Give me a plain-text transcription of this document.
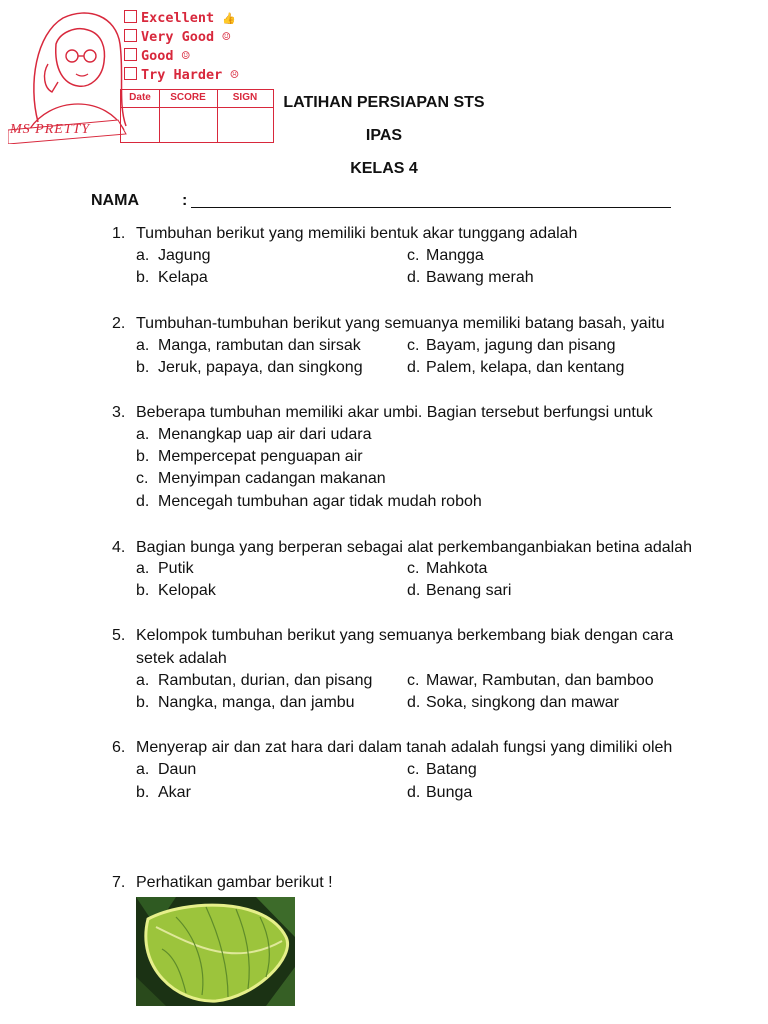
MS PRETTY
Excellent 👍
Very Good ☺
Good ☺
Try Harder ☹
Date	SCORE	SIGN	LATIHAN PERSIAPAN STS
IPAS
KELAS 4
NAMA	:
1. Tumbuhan berikut yang memiliki bentuk akar tunggang adalah
a. Jagung	c. Mangga
b. Kelapa	d. Bawang merah
2. Tumbuhan-tumbuhan berikut yang semuanya memiliki batang basah, yaitu
a. Manga, rambutan dan sirsak	c. Bayam, jagung dan pisang
b. Jeruk, papaya, dan singkong	d. Palem, kelapa, dan kentang
3. Beberapa tumbuhan memiliki akar umbi. Bagian tersebut berfungsi untuk
a. Menangkap uap air dari udara
b. Mempercepat penguapan air
c. Menyimpan cadangan makanan
d. Mencegah tumbuhan agar tidak mudah roboh
4. Bagian bunga yang berperan sebagai alat perkembanganbiakan betina adalah
a. Putik	c. Mahkota
b. Kelopak	d. Benang sari
5. Kelompok tumbuhan berikut yang semuanya berkembang biak dengan cara
setek adalah
a. Rambutan, durian, dan pisang c. Mawar, Rambutan, dan bamboo
b. Nangka, manga, dan jambu	d. Soka, singkong dan mawar
6. Menyerap air dan zat hara dari dalam tanah adalah fungsi yang dimiliki oleh
a. Daun	c. Batang
b. Akar	d. Bunga
7. Perhatikan gambar berikut !
